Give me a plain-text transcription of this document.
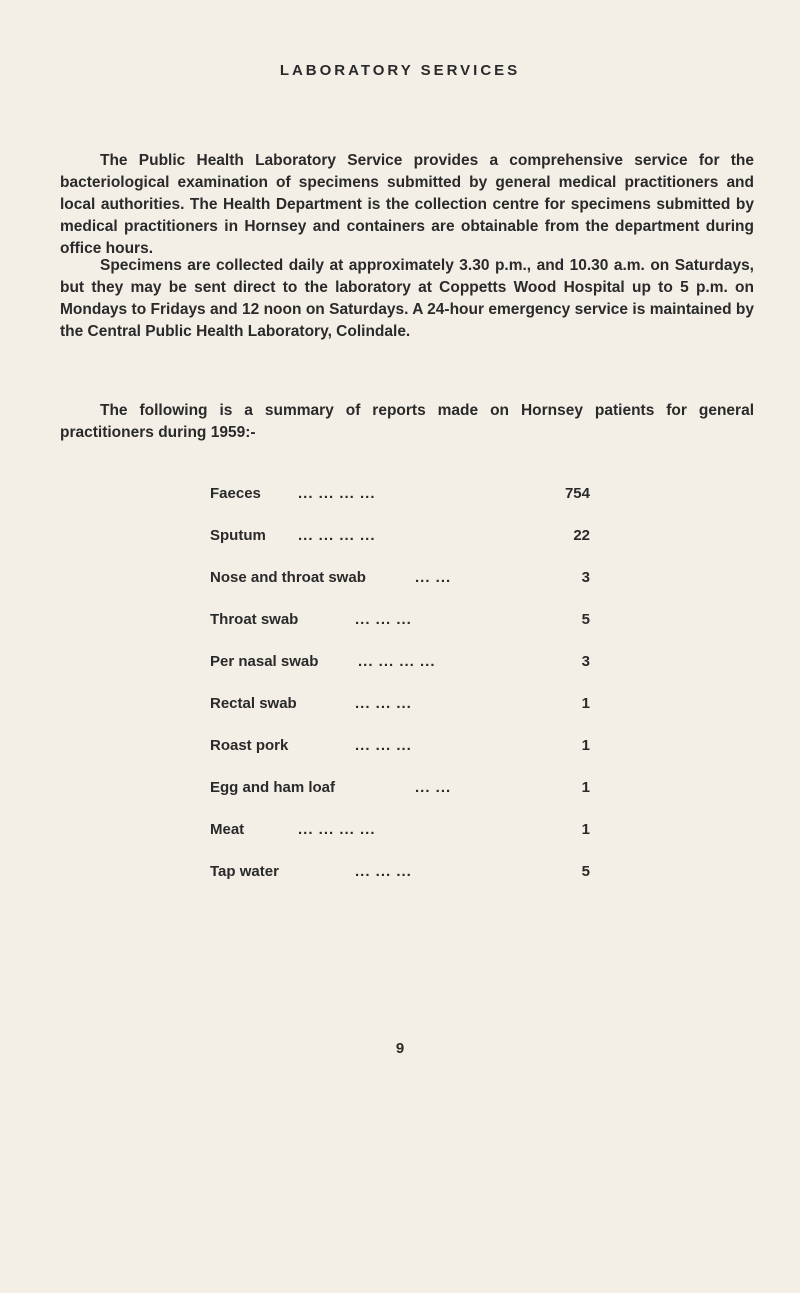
LABORATORY SERVICES

The Public Health Laboratory Service provides a comprehensive service for the bacteriological examination of specimens submitted by general medical practitioners and local authorities. The Health Department is the collection centre for specimens submitted by medical practitioners in Hornsey and containers are obtainable from the department during office hours.

Specimens are collected daily at approximately 3.30 p.m., and 10.30 a.m. on Saturdays, but they may be sent direct to the laboratory at Coppetts Wood Hospital up to 5 p.m. on Mondays to Fridays and 12 noon on Saturdays. A 24-hour emergency service is maintained by the Central Public Health Laboratory, Colindale.

The following is a summary of reports made on Hornsey patients for general practitioners during 1959:-

Faeces ... ... ... ...	754
Sputum ... ... ... ...	22
Nose and throat swab	... ...	3
Throat swab	... ... ...	5
Per nasal swab	... ... ... ...	3
Rectal swab	... ... ...	1
Roast pork	... ... ...	1
Egg and ham loaf	... ...	1
Meat	... ... ... ...	1
Tap water	... ... ...	5
9
